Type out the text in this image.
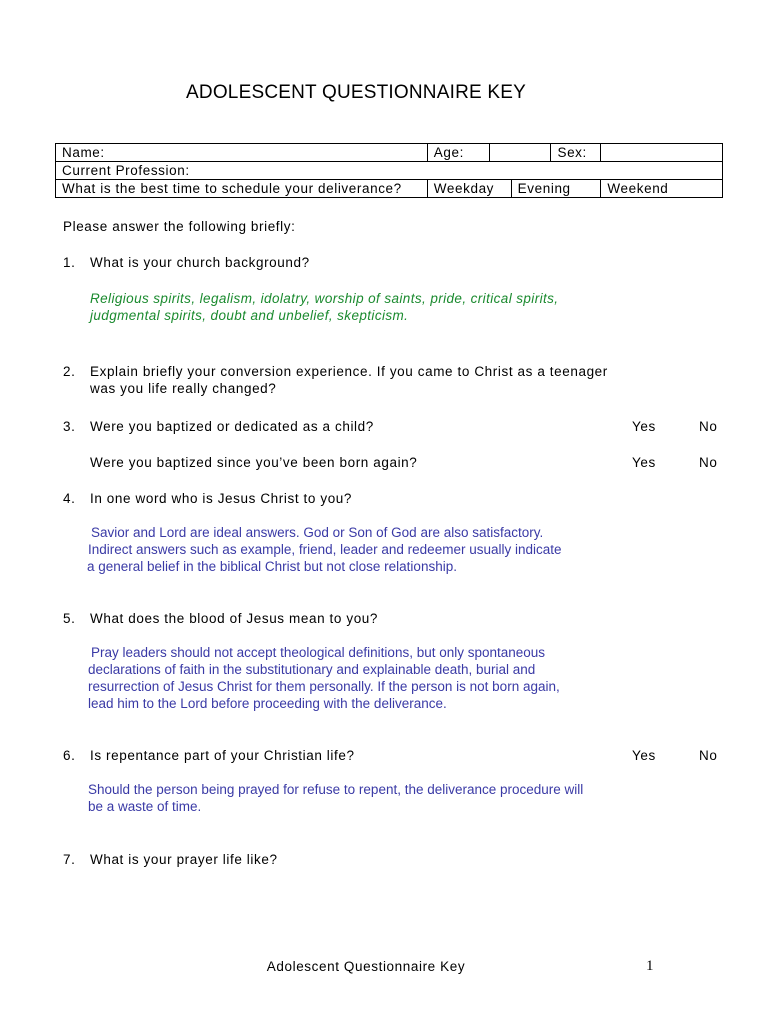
ADOLESCENT QUESTIONNAIRE KEY
Name:	Age:			Sex:	
Current Profession:					
What is the best time to schedule your deliverance?	Weekday		Evening		Weekend
Please answer the following briefly:
1. What is your church background?
Religious spirits, legalism, idolatry, worship of saints, pride, critical spirits,
judgmental spirits, doubt and unbelief, skepticism.
2. Explain briefly your conversion experience. If you came to Christ as a teenager
was you life really changed?
3. Were you baptized or dedicated as a child?	Yes	No
Were you baptized since you’ve been born again?	Yes	No
4. In one word who is Jesus Christ to you?
Savior and Lord are ideal answers. God or Son of God are also satisfactory.
Indirect answers such as example, friend, leader and redeemer usually indicate
a general belief in the biblical Christ but not close relationship.
5. What does the blood of Jesus mean to you?
Pray leaders should not accept theological definitions, but only spontaneous
declarations of faith in the substitutionary and explainable death, burial and
resurrection of Jesus Christ for them personally. If the person is not born again,
lead him to the Lord before proceeding with the deliverance.
6. Is repentance part of your Christian life?	Yes	No
Should the person being prayed for refuse to repent, the deliverance procedure will
be a waste of time.
7. What is your prayer life like?
Adolescent Questionnaire Key	1
